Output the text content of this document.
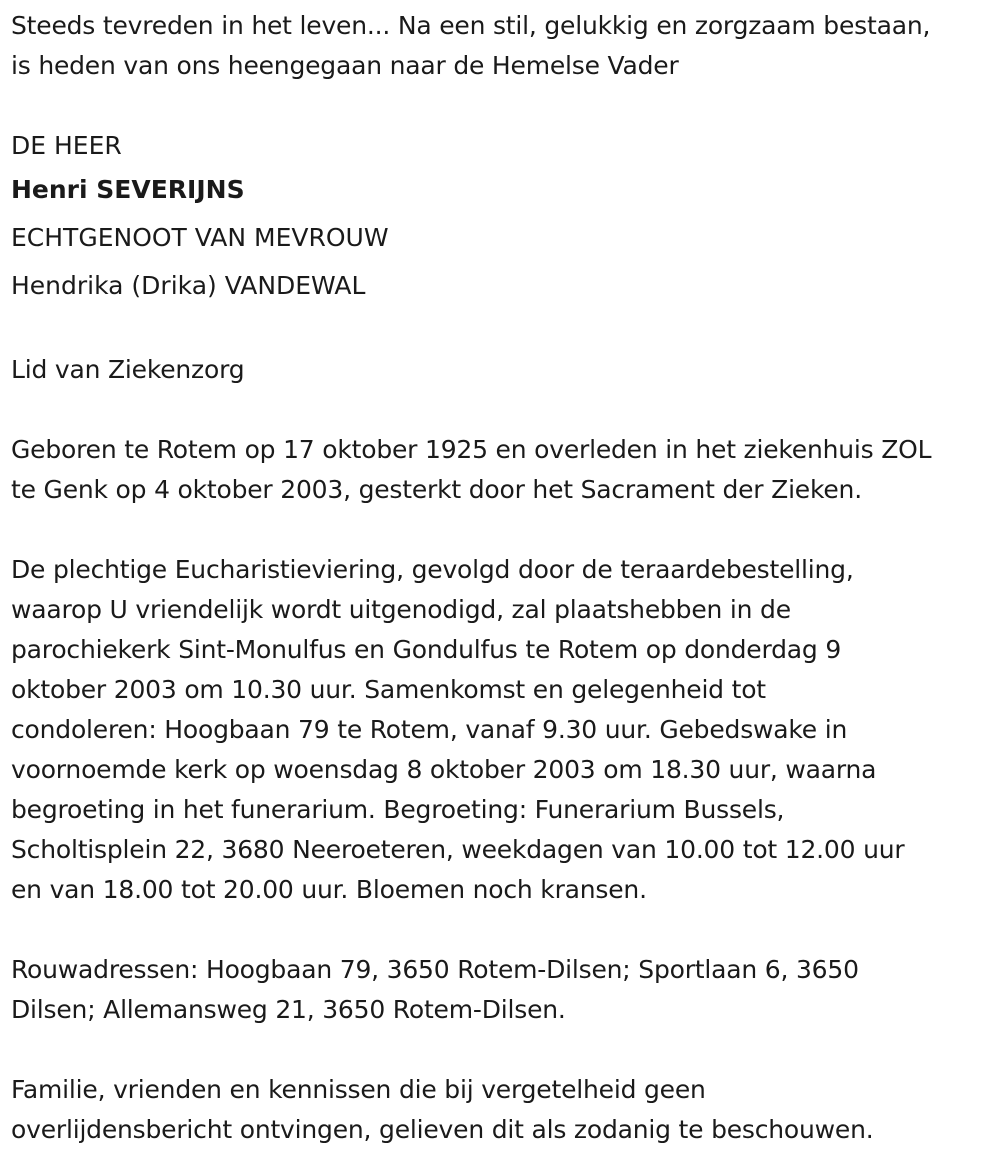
Steeds tevreden in het leven... Na een stil, gelukkig en zorgzaam bestaan,
is heden van ons heengegaan naar de Hemelse Vader
DE HEER
Henri SEVERIJNS
ECHTGENOOT VAN MEVROUW
Hendrika (Drika) VANDEWAL
Lid van Ziekenzorg
Geboren te Rotem op 17 oktober 1925 en overleden in het ziekenhuis ZOL
te Genk op 4 oktober 2003, gesterkt door het Sacrament der Zieken.
De plechtige Eucharistieviering, gevolgd door de teraardebestelling,
waarop U vriendelijk wordt uitgenodigd, zal plaatshebben in de
parochiekerk Sint-Monulfus en Gondulfus te Rotem op donderdag 9
oktober 2003 om 10.30 uur. Samenkomst en gelegenheid tot
condoleren: Hoogbaan 79 te Rotem, vanaf 9.30 uur. Gebedswake in
voornoemde kerk op woensdag 8 oktober 2003 om 18.30 uur, waarna
begroeting in het funerarium. Begroeting: Funerarium Bussels,
Scholtisplein 22, 3680 Neeroeteren, weekdagen van 10.00 tot 12.00 uur
en van 18.00 tot 20.00 uur. Bloemen noch kransen.
Rouwadressen: Hoogbaan 79, 3650 Rotem-Dilsen; Sportlaan 6, 3650
Dilsen; Allemansweg 21, 3650 Rotem-Dilsen.
Familie, vrienden en kennissen die bij vergetelheid geen
overlijdensbericht ontvingen, gelieven dit als zodanig te beschouwen.
